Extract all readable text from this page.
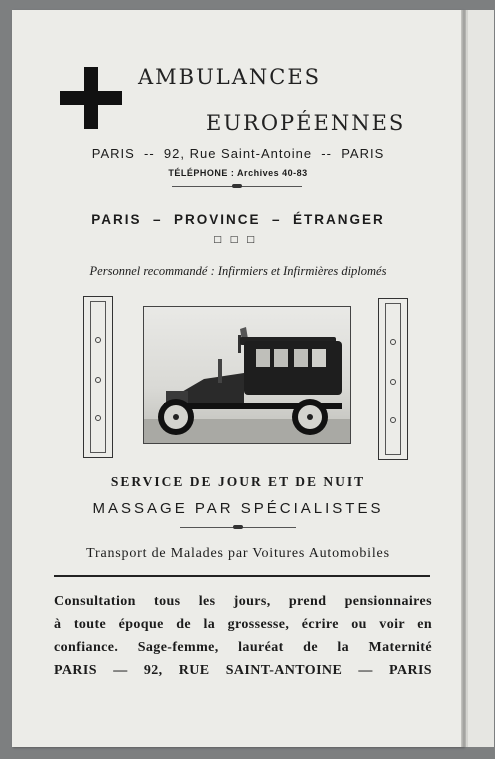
AMBULANCES
EUROPÉENNES
PARIS  --  92, Rue Saint-Antoine  --  PARIS
TÉLÉPHONE : Archives 40-83
PARIS  –  PROVINCE  –  ÉTRANGER
□□□
Personnel recommandé : Infirmiers et Infirmières diplomés
SERVICE DE JOUR ET DE NUIT
MASSAGE PAR SPÉCIALISTES
Transport de Malades par Voitures Automobiles
Consultation tous les jours, prend pensionnaires
à toute époque de la grossesse, écrire ou voir en
confiance. Sage-femme, lauréat de la Maternité
PARIS — 92, RUE SAINT-ANTOINE — PARIS
